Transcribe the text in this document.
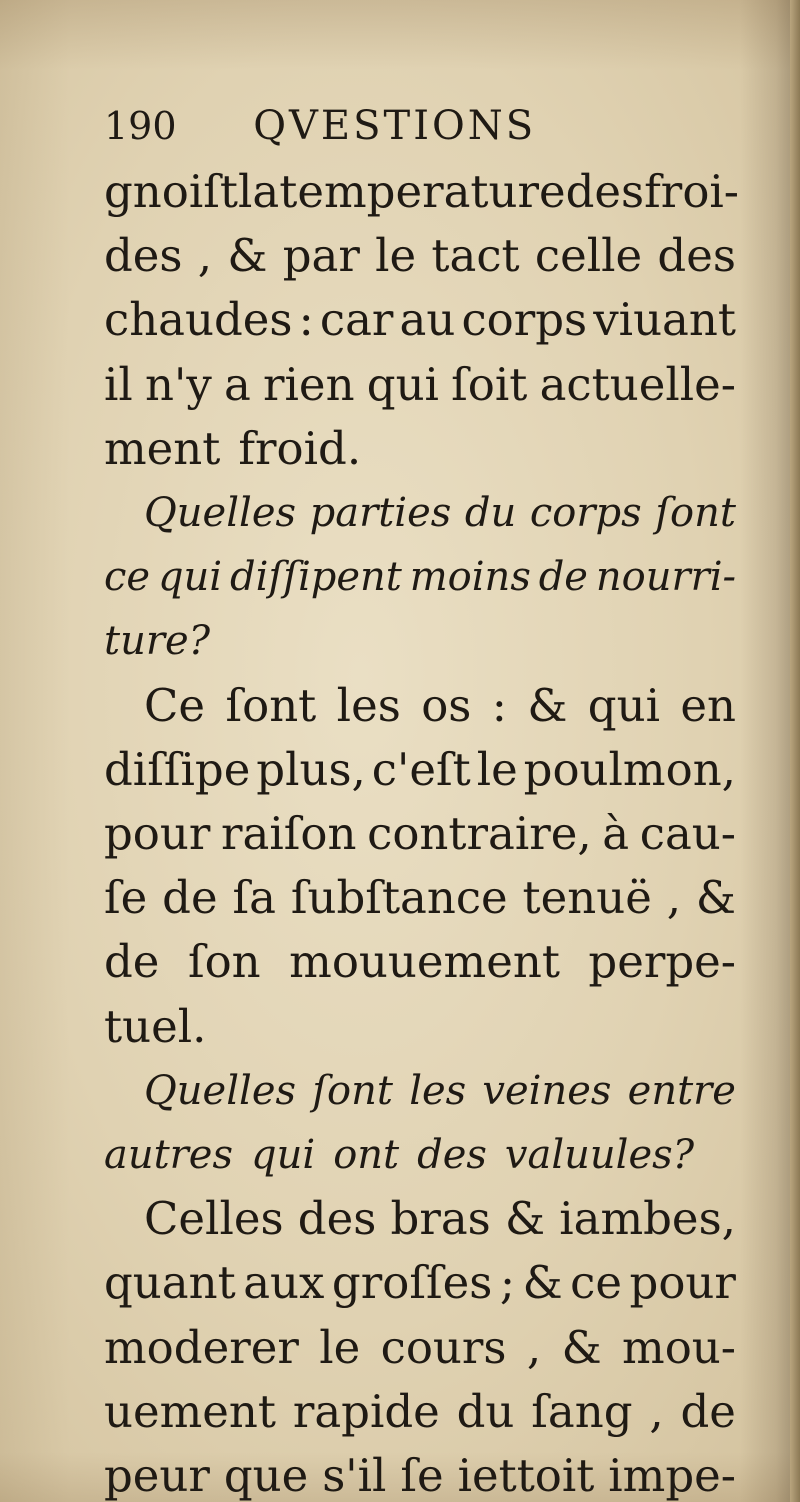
190 QVESTIONS
gnoiſt la temperature des froi-
des , & par le tact celle des
chaudes : car au corps viuant
il n'y a rien qui ſoit actuelle-
ment froid.
Quelles parties du corps ſont
ce qui diſſipent moins de nourri-
ture?
Ce ſont les os : & qui en
diſſipe plus, c'eſt le poulmon,
pour raiſon contraire, à cau-
ſe de ſa ſubſtance tenuë , &
de ſon mouuement perpe-
tuel.
Quelles ſont les veines entre
autres qui ont des valuules?
Celles des bras & iambes,
quant aux groſſes ; & ce pour
moderer le cours , & mou-
uement rapide du ſang , de
peur que s'il ſe iettoit impe-
